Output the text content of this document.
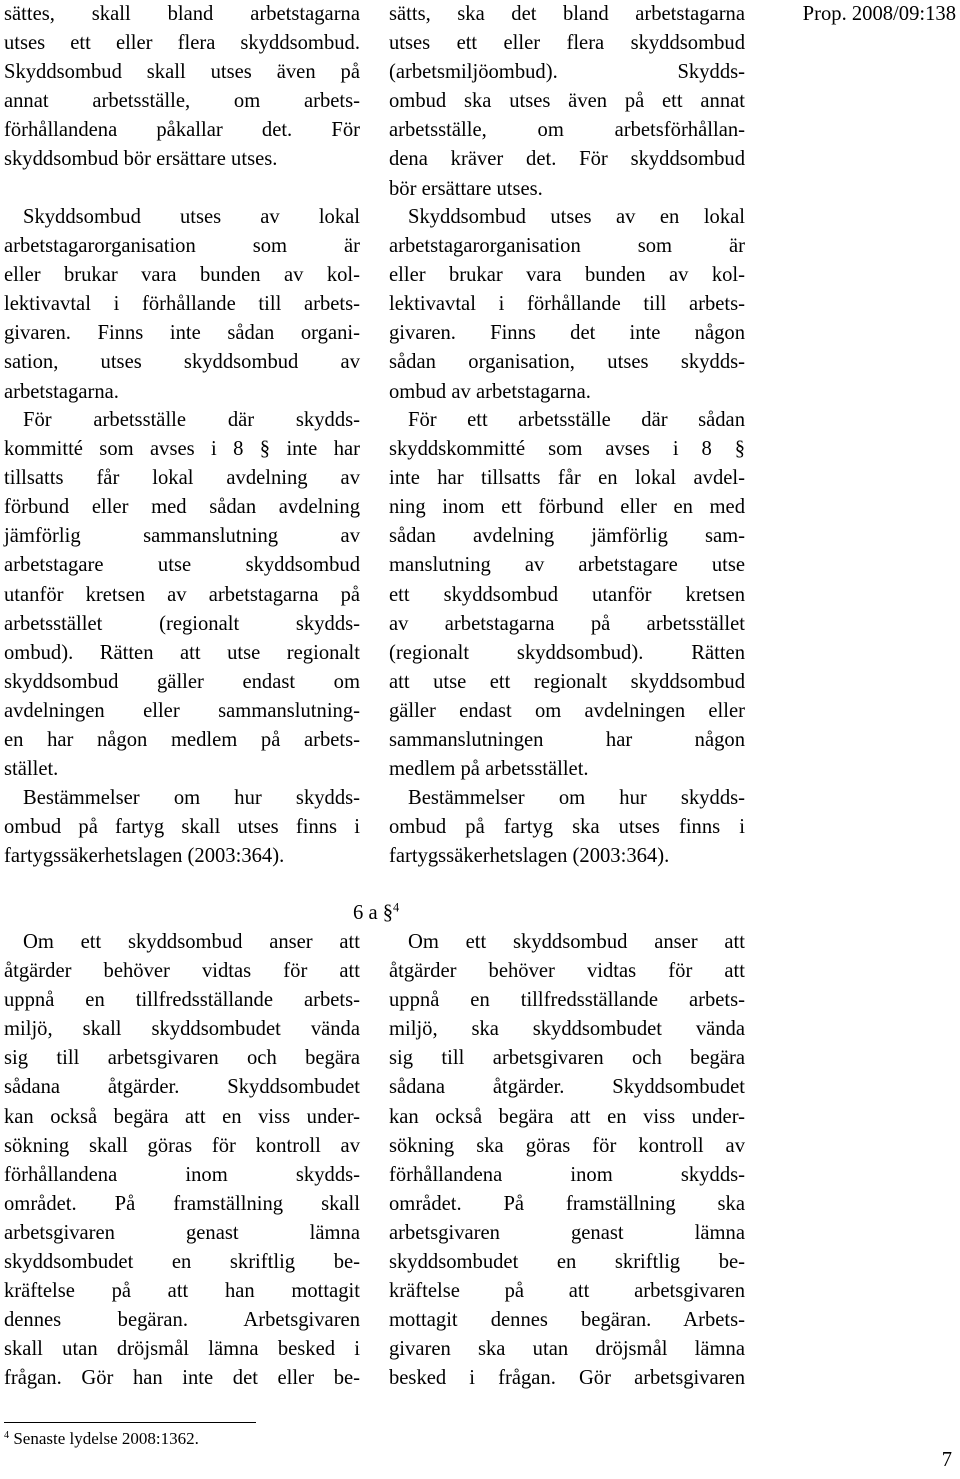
Prop. 2008/09:138
sättes, skall bland arbetstagarna
utses ett eller flera skyddsombud.
Skyddsombud skall utses även på
annat arbetsställe, om arbets-
förhållandena påkallar det. För
skyddsombud bör ersättare utses.
Skyddsombud utses av lokal
arbetstagarorganisation som är
eller brukar vara bunden av kol-
lektivavtal i förhållande till arbets-
givaren. Finns inte sådan organi-
sation, utses skyddsombud av
arbetstagarna.
För arbetsställe där skydds-
kommitté som avses i 8 § inte har
tillsatts får lokal avdelning av
förbund eller med sådan avdelning
jämförlig sammanslutning av
arbetstagare utse skyddsombud
utanför kretsen av arbetstagarna på
arbetsstället (regionalt skydds-
ombud). Rätten att utse regionalt
skyddsombud gäller endast om
avdelningen eller sammanslutning-
en har någon medlem på arbets-
stället.
Bestämmelser om hur skydds-
ombud på fartyg skall utses finns i
fartygssäkerhetslagen (2003:364).
6 a §$^4$
Om ett skyddsombud anser att
åtgärder behöver vidtas för att
uppnå en tillfredsställande arbets-
miljö, skall skyddsombudet vända
sig till arbetsgivaren och begära
sådana åtgärder. Skyddsombudet
kan också begära att en viss under-
sökning skall göras för kontroll av
förhållandena inom skydds-
området. På framställning skall
arbetsgivaren genast lämna
skyddsombudet en skriftlig be-
kräftelse på att han mottagit
dennes begäran. Arbetsgivaren
skall utan dröjsmål lämna besked i
frågan. Gör han inte det eller be-
sätts, ska det bland arbetstagarna
utses ett eller flera skyddsombud
(arbetsmiljöombud). Skydds-
ombud ska utses även på ett annat
arbetsställe, om arbetsförhållan-
dena kräver det. För skyddsombud
bör ersättare utses.
Skyddsombud utses av en lokal
arbetstagarorganisation som är
eller brukar vara bunden av kol-
lektivavtal i förhållande till arbets-
givaren. Finns det inte någon
sådan organisation, utses skydds-
ombud av arbetstagarna.
För ett arbetsställe där sådan
skyddskommitté som avses i 8 §
inte har tillsatts får en lokal avdel-
ning inom ett förbund eller en med
sådan avdelning jämförlig sam-
manslutning av arbetstagare utse
ett skyddsombud utanför kretsen
av arbetstagarna på arbetsstället
(regionalt skyddsombud). Rätten
att utse ett regionalt skyddsombud
gäller endast om avdelningen eller
sammanslutningen har någon
medlem på arbetsstället.
Bestämmelser om hur skydds-
ombud på fartyg ska utses finns i
fartygssäkerhetslagen (2003:364).
Om ett skyddsombud anser att
åtgärder behöver vidtas för att
uppnå en tillfredsställande arbets-
miljö, ska skyddsombudet vända
sig till arbetsgivaren och begära
sådana åtgärder. Skyddsombudet
kan också begära att en viss under-
sökning ska göras för kontroll av
förhållandena inom skydds-
området. På framställning ska
arbetsgivaren genast lämna
skyddsombudet en skriftlig be-
kräftelse på att arbetsgivaren
mottagit dennes begäran. Arbets-
givaren ska utan dröjsmål lämna
besked i frågan. Gör arbetsgivaren
$^4$ Senaste lydelse 2008:1362.
7
